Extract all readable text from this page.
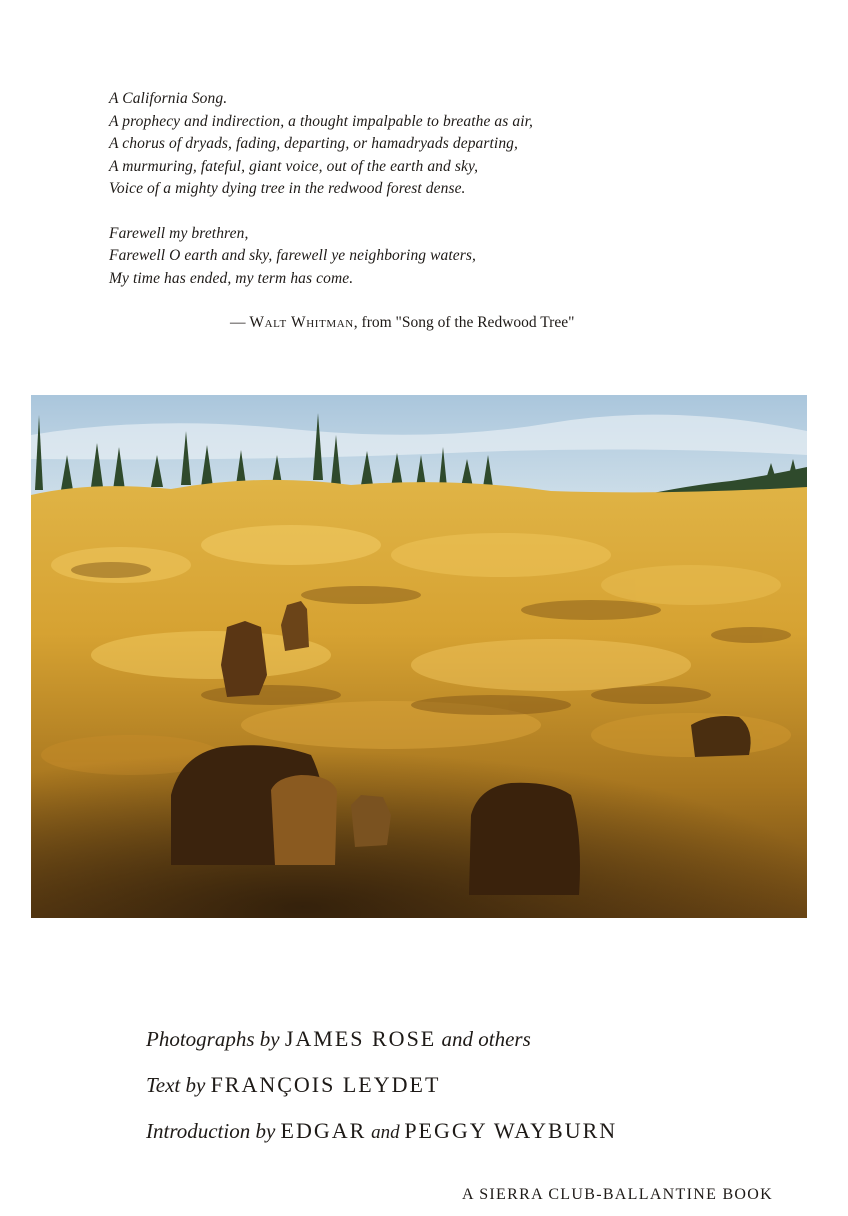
A California Song.
A prophecy and indirection, a thought impalpable to breathe as air,
A chorus of dryads, fading, departing, or hamadryads departing,
A murmuring, fateful, giant voice, out of the earth and sky,
Voice of a mighty dying tree in the redwood forest dense.
Farewell my brethren,
Farewell O earth and sky, farewell ye neighboring waters,
My time has ended, my term has come.
— Walt Whitman, from "Song of the Redwood Tree"
Photographs by JAMES ROSE and others
Text by FRANÇOIS LEYDET
Introduction by EDGAR and PEGGY WAYBURN
A SIERRA CLUB-BALLANTINE BOOK
